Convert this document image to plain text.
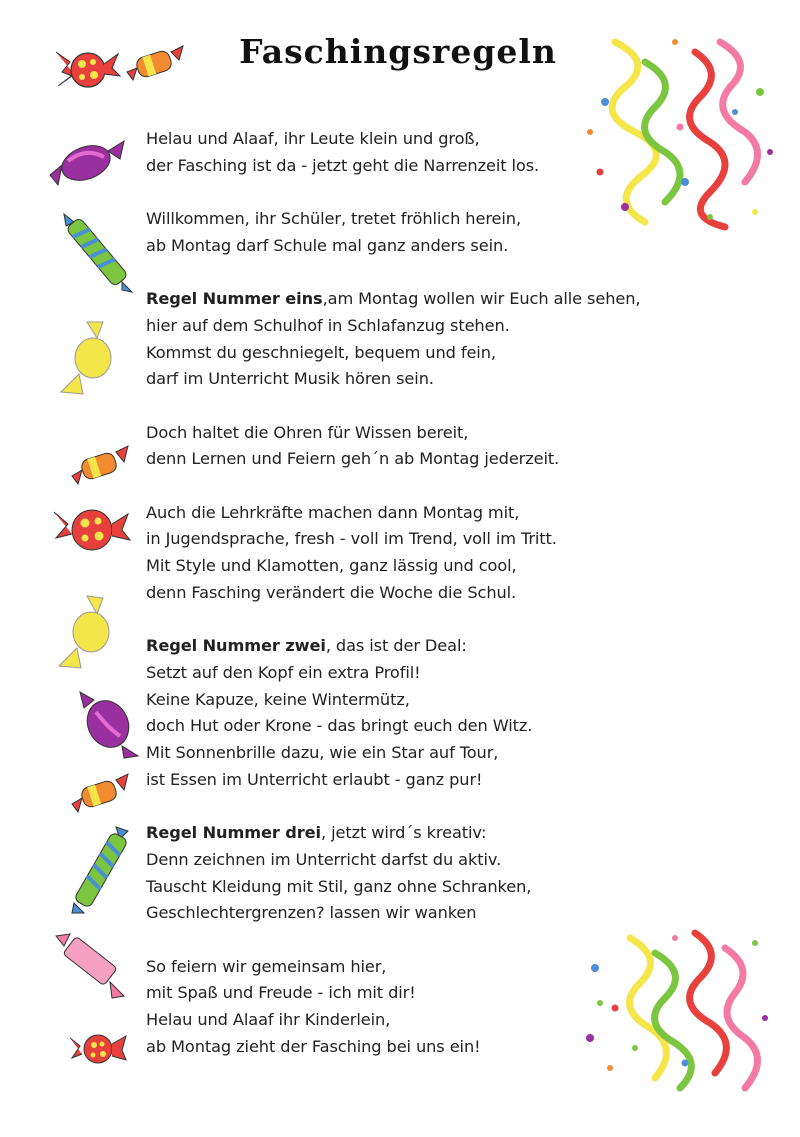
Faschingsregeln
Helau und Alaaf, ihr Leute klein und groß,
der Fasching ist da - jetzt geht die Narrenzeit los.
Willkommen, ihr Schüler, tretet fröhlich herein,
ab Montag darf Schule mal ganz anders sein.
Regel Nummer eins,am Montag wollen wir Euch alle sehen,
hier auf dem Schulhof in Schlafanzug stehen.
Kommst du geschniegelt, bequem und fein,
darf im Unterricht Musik hören sein.
Doch haltet die Ohren für Wissen bereit,
denn Lernen und Feiern geh´n ab Montag jederzeit.
Auch die Lehrkräfte machen dann Montag mit,
in Jugendsprache, fresh - voll im Trend, voll im Tritt.
Mit Style und Klamotten, ganz lässig und cool,
denn Fasching verändert die Woche die Schul.
Regel Nummer zwei, das ist der Deal:
Setzt auf den Kopf ein extra Profil!
Keine Kapuze, keine Wintermütz,
doch Hut oder Krone - das bringt euch den Witz.
Mit Sonnenbrille dazu, wie ein Star auf Tour,
ist Essen im Unterricht erlaubt - ganz pur!
Regel Nummer drei, jetzt wird´s kreativ:
Denn zeichnen im Unterricht darfst du aktiv.
Tauscht Kleidung mit Stil, ganz ohne Schranken,
Geschlechtergrenzen? lassen wir wanken
So feiern wir gemeinsam hier,
mit Spaß und Freude - ich mit dir!
Helau und Alaaf ihr Kinderlein,
ab Montag zieht der Fasching bei uns ein!
